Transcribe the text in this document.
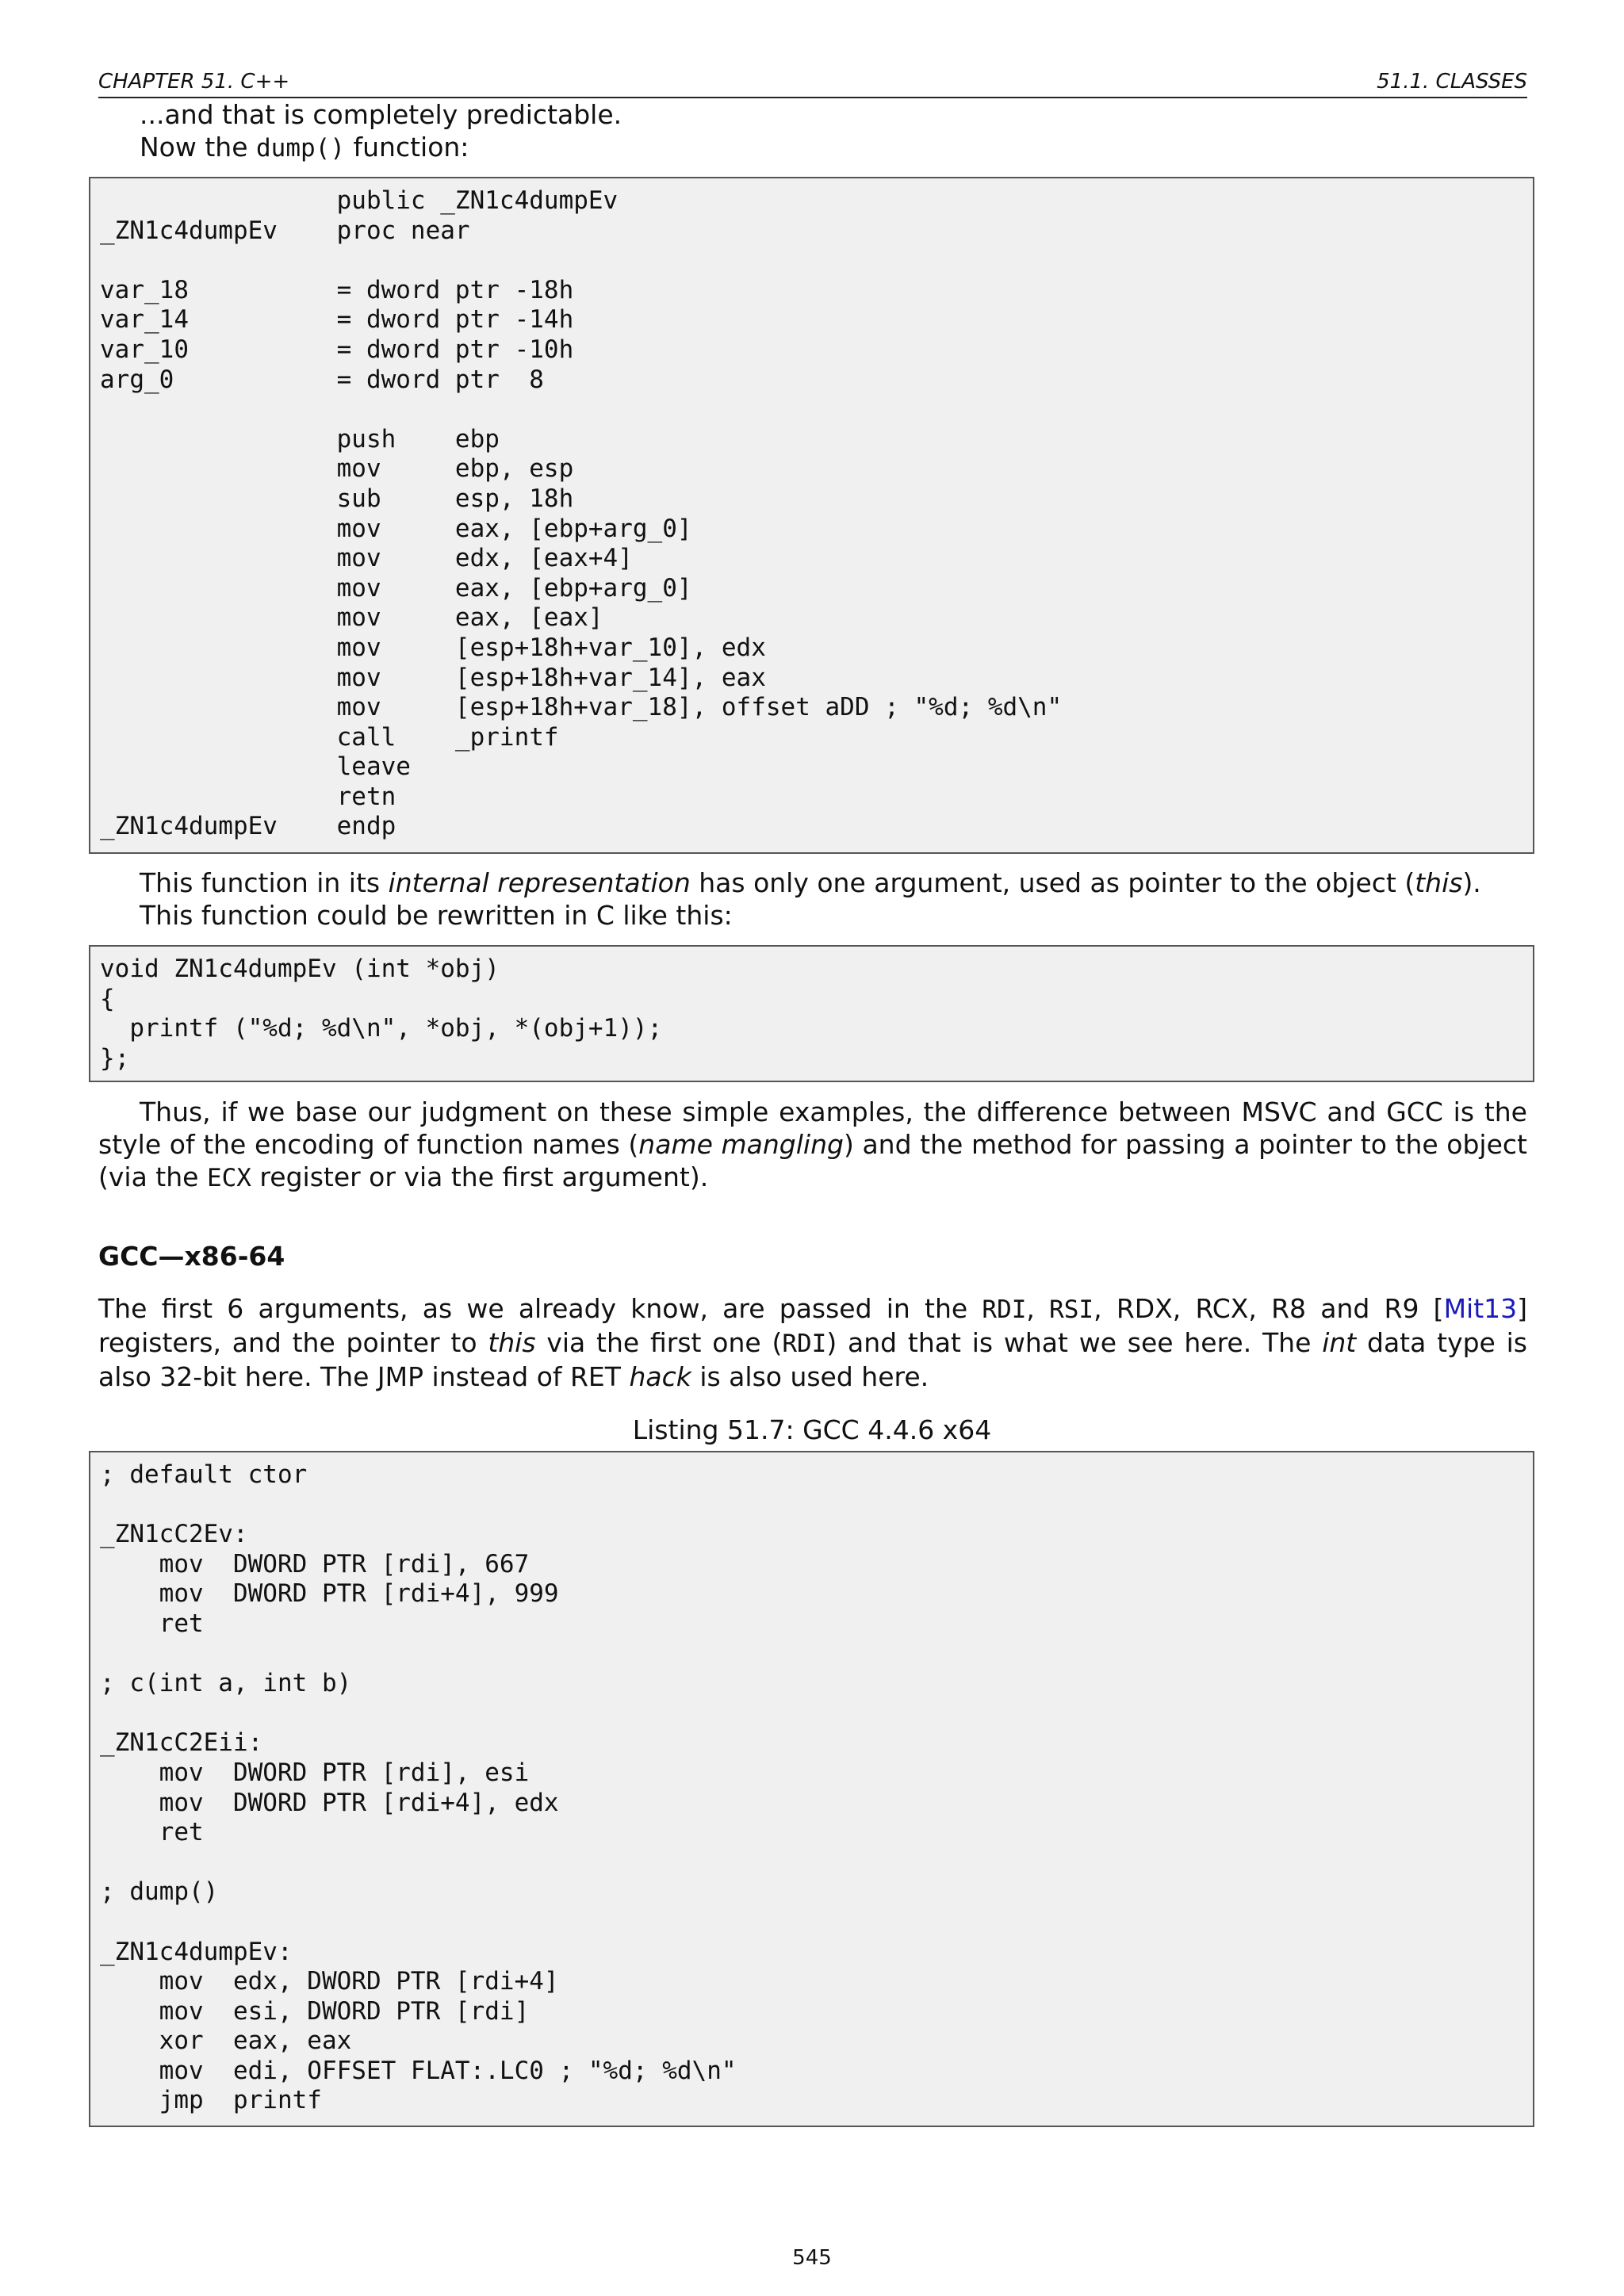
CHAPTER 51. C++	51.1. CLASSES

...and that is completely predictable.

Now the dump() function:

public _ZN1c4dumpEv
_ZN1c4dumpEv    proc near

var_18          = dword ptr -18h
var_14          = dword ptr -14h
var_10          = dword ptr -10h
arg_0           = dword ptr  8

push    ebp
mov     ebp, esp
sub     esp, 18h
mov     eax, [ebp+arg_0]
mov     edx, [eax+4]
mov     eax, [ebp+arg_0]
mov     eax, [eax]
mov     [esp+18h+var_10], edx
mov     [esp+18h+var_14], eax
mov     [esp+18h+var_18], offset aDD ; "%d; %d\n"
call    _printf
leave
retn
_ZN1c4dumpEv    endp

This function in its internal representation has only one argument, used as pointer to the object (this).

This function could be rewritten in C like this:

void ZN1c4dumpEv (int *obj)
{
printf ("%d; %d\n", *obj, *(obj+1));
};

Thus, if we base our judgment on these simple examples, the difference between MSVC and GCC is the style of the encoding of function names (name mangling) and the method for passing a pointer to the object (via the ECX register or via the first argument).

GCC—x86-64

The first 6 arguments, as we already know, are passed in the RDI, RSI, RDX, RCX, R8 and R9 [Mit13] registers, and the pointer to this via the first one (RDI) and that is what we see here. The int data type is also 32-bit here. The JMP instead of RET hack is also used here.

Listing 51.7: GCC 4.4.6 x64
; default ctor

_ZN1cC2Ev:
mov  DWORD PTR [rdi], 667
mov  DWORD PTR [rdi+4], 999
ret

; c(int a, int b)

_ZN1cC2Eii:
mov  DWORD PTR [rdi], esi
mov  DWORD PTR [rdi+4], edx
ret

; dump()

_ZN1c4dumpEv:
mov  edx, DWORD PTR [rdi+4]
mov  esi, DWORD PTR [rdi]
xor  eax, eax
mov  edi, OFFSET FLAT:.LC0 ; "%d; %d\n"
jmp  printf
545
